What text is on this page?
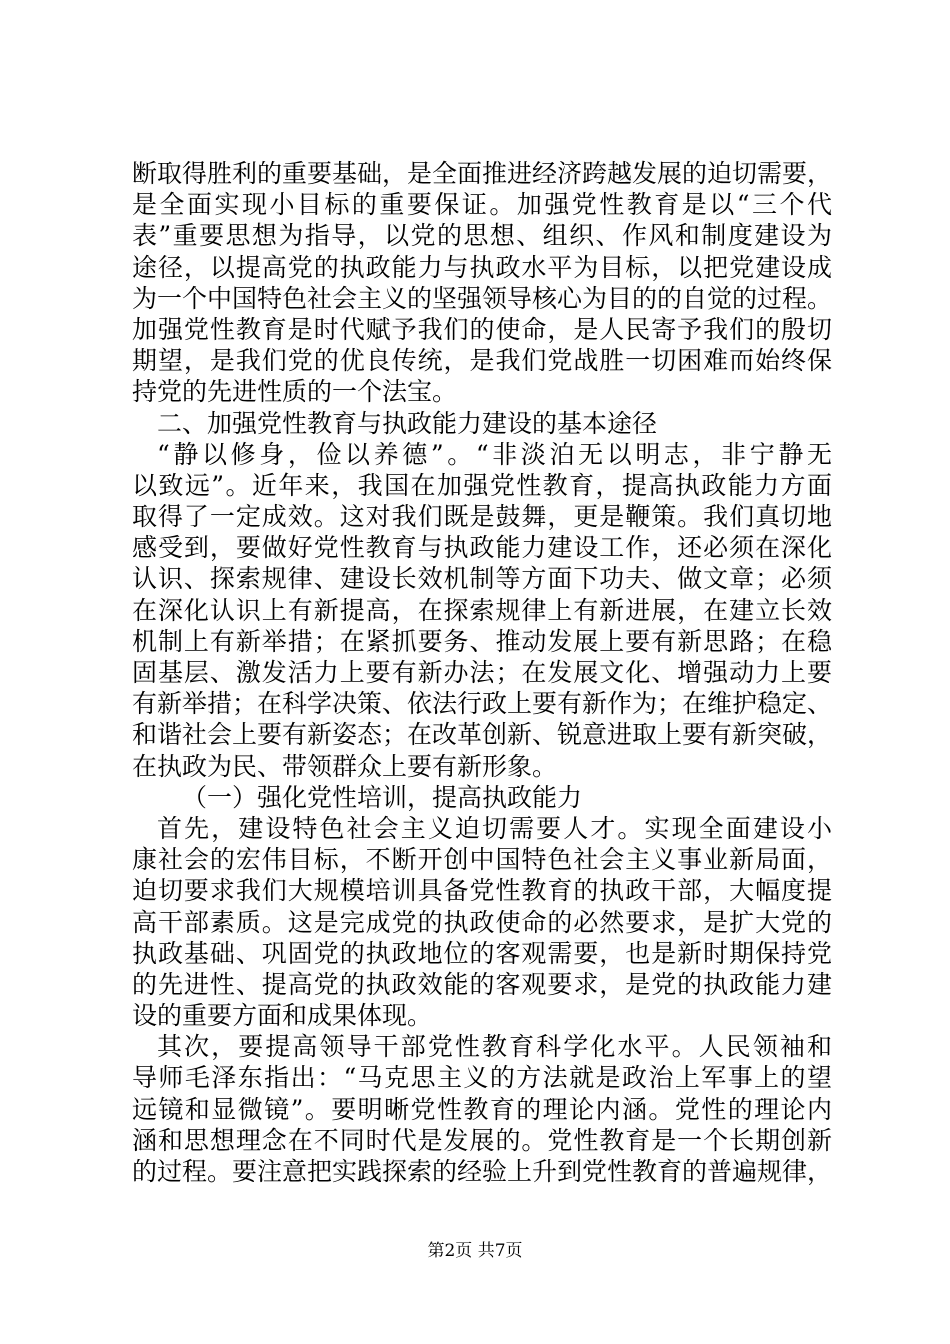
断取得胜利的重要基础，是全面推进经济跨越发展的迫切需要，
是全面实现小目标的重要保证。加强党性教育是以“三个代
表”重要思想为指导，以党的思想、组织、作风和制度建设为
途径，以提高党的执政能力与执政水平为目标，以把党建设成
为一个中国特色社会主义的坚强领导核心为目的的自觉的过程。
加强党性教育是时代赋予我们的使命，是人民寄予我们的殷切
期望，是我们党的优良传统，是我们党战胜一切困难而始终保
持党的先进性质的一个法宝。
二、加强党性教育与执政能力建设的基本途径
“静以修身，俭以养德”。“非淡泊无以明志，非宁静无
以致远”。近年来，我国在加强党性教育，提高执政能力方面
取得了一定成效。这对我们既是鼓舞，更是鞭策。我们真切地
感受到，要做好党性教育与执政能力建设工作，还必须在深化
认识、探索规律、建设长效机制等方面下功夫、做文章；必须
在深化认识上有新提高，在探索规律上有新进展，在建立长效
机制上有新举措；在紧抓要务、推动发展上要有新思路；在稳
固基层、激发活力上要有新办法；在发展文化、增强动力上要
有新举措；在科学决策、依法行政上要有新作为；在维护稳定、
和谐社会上要有新姿态；在改革创新、锐意进取上要有新突破，
在执政为民、带领群众上要有新形象。
（一）强化党性培训，提高执政能力
首先，建设特色社会主义迫切需要人才。实现全面建设小
康社会的宏伟目标，不断开创中国特色社会主义事业新局面，
迫切要求我们大规模培训具备党性教育的执政干部，大幅度提
高干部素质。这是完成党的执政使命的必然要求，是扩大党的
执政基础、巩固党的执政地位的客观需要，也是新时期保持党
的先进性、提高党的执政效能的客观要求，是党的执政能力建
设的重要方面和成果体现。
其次，要提高领导干部党性教育科学化水平。人民领袖和
导师毛泽东指出：“马克思主义的方法就是政治上军事上的望
远镜和显微镜”。要明晰党性教育的理论内涵。党性的理论内
涵和思想理念在不同时代是发展的。党性教育是一个长期创新
的过程。要注意把实践探索的经验上升到党性教育的普遍规律，
第2页 共7页
